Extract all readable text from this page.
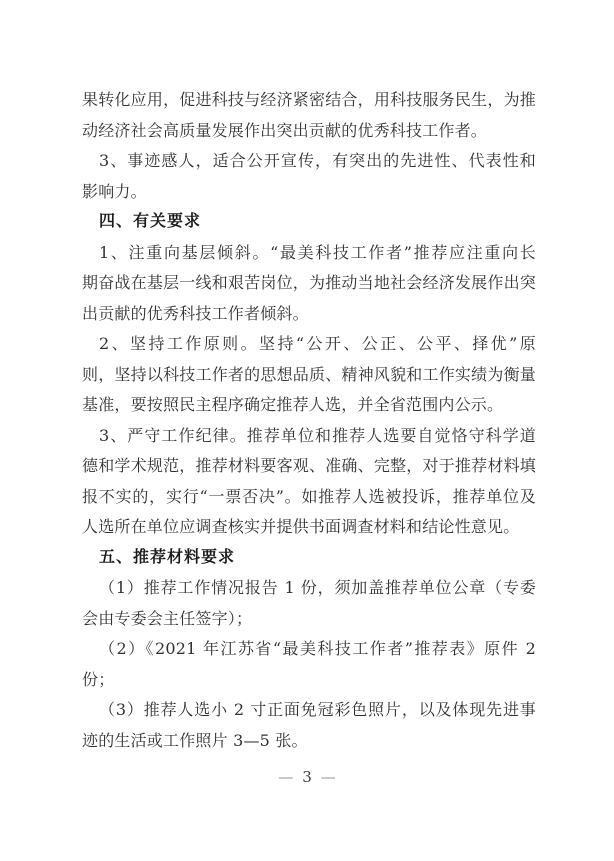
果转化应用，促进科技与经济紧密结合，用科技服务民生，为推
动经济社会高质量发展作出突出贡献的优秀科技工作者。
3、事迹感人，适合公开宣传，有突出的先进性、代表性和
影响力。
四、有关要求
1、注重向基层倾斜。“最美科技工作者”推荐应注重向长
期奋战在基层一线和艰苦岗位，为推动当地社会经济发展作出突
出贡献的优秀科技工作者倾斜。
2、坚持工作原则。坚持“公开、公正、公平、择优”原
则，坚持以科技工作者的思想品质、精神风貌和工作实绩为衡量
基准，要按照民主程序确定推荐人选，并全省范围内公示。
3、严守工作纪律。推荐单位和推荐人选要自觉恪守科学道
德和学术规范，推荐材料要客观、准确、完整，对于推荐材料填
报不实的，实行“一票否决”。如推荐人选被投诉，推荐单位及
人选所在单位应调查核实并提供书面调查材料和结论性意见。
五、推荐材料要求
（1）推荐工作情况报告 1 份，须加盖推荐单位公章（专委
会由专委会主任签字）；
（2）《2021 年江苏省“最美科技工作者”推荐表》原件 2
份；
（3）推荐人选小 2 寸正面免冠彩色照片，以及体现先进事
迹的生活或工作照片 3—5 张。
— 3 —
